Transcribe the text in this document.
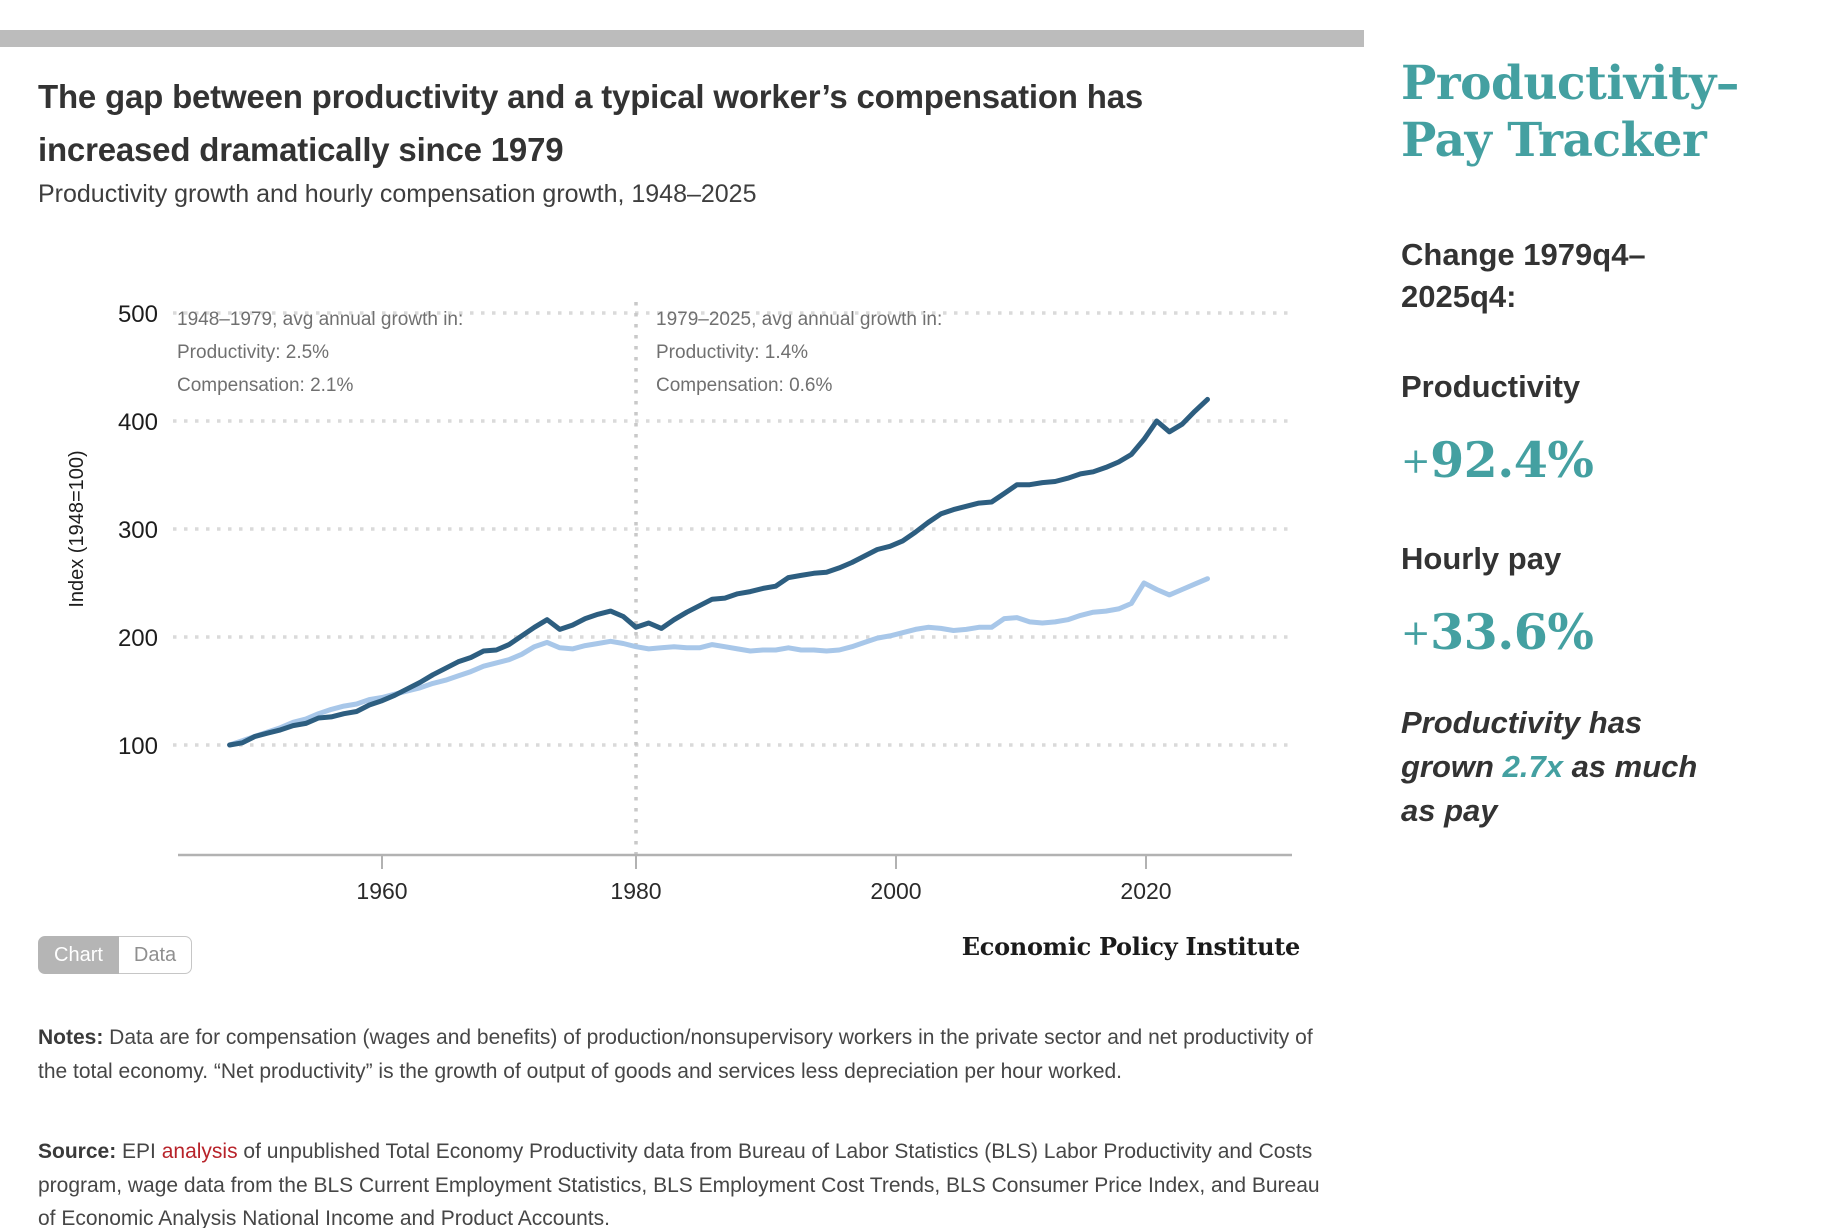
The gap between productivity and a typical worker’s compensation has increased dramatically since 1979

Productivity growth and hourly compensation growth, 1948–2025

1960	1980	2000	2020
500
400
300
200
100
Index (1948=100)
1948–1979, avg annual growth in:
Productivity: 2.5%
Compensation: 2.1%
1979–2025, avg annual growth in:
Productivity: 1.4%
Compensation: 0.6%
Chart	Data	Economic Policy Institute

Notes: Data are for compensation (wages and benefits) of production/nonsupervisory workers in the private sector and net productivity of the total economy. “Net productivity” is the growth of output of goods and services less depreciation per hour worked.

Source: EPI analysis of unpublished Total Economy Productivity data from Bureau of Labor Statistics (BLS) Labor Productivity and Costs program, wage data from the BLS Current Employment Statistics, BLS Employment Cost Trends, BLS Consumer Price Index, and Bureau of Economic Analysis National Income and Product Accounts.

Productivity–
Pay Tracker

Change 1979q4–
2025q4:

Productivity

+92.4%

Hourly pay

+33.6%

Productivity has
grown 2.7x as much
as pay
